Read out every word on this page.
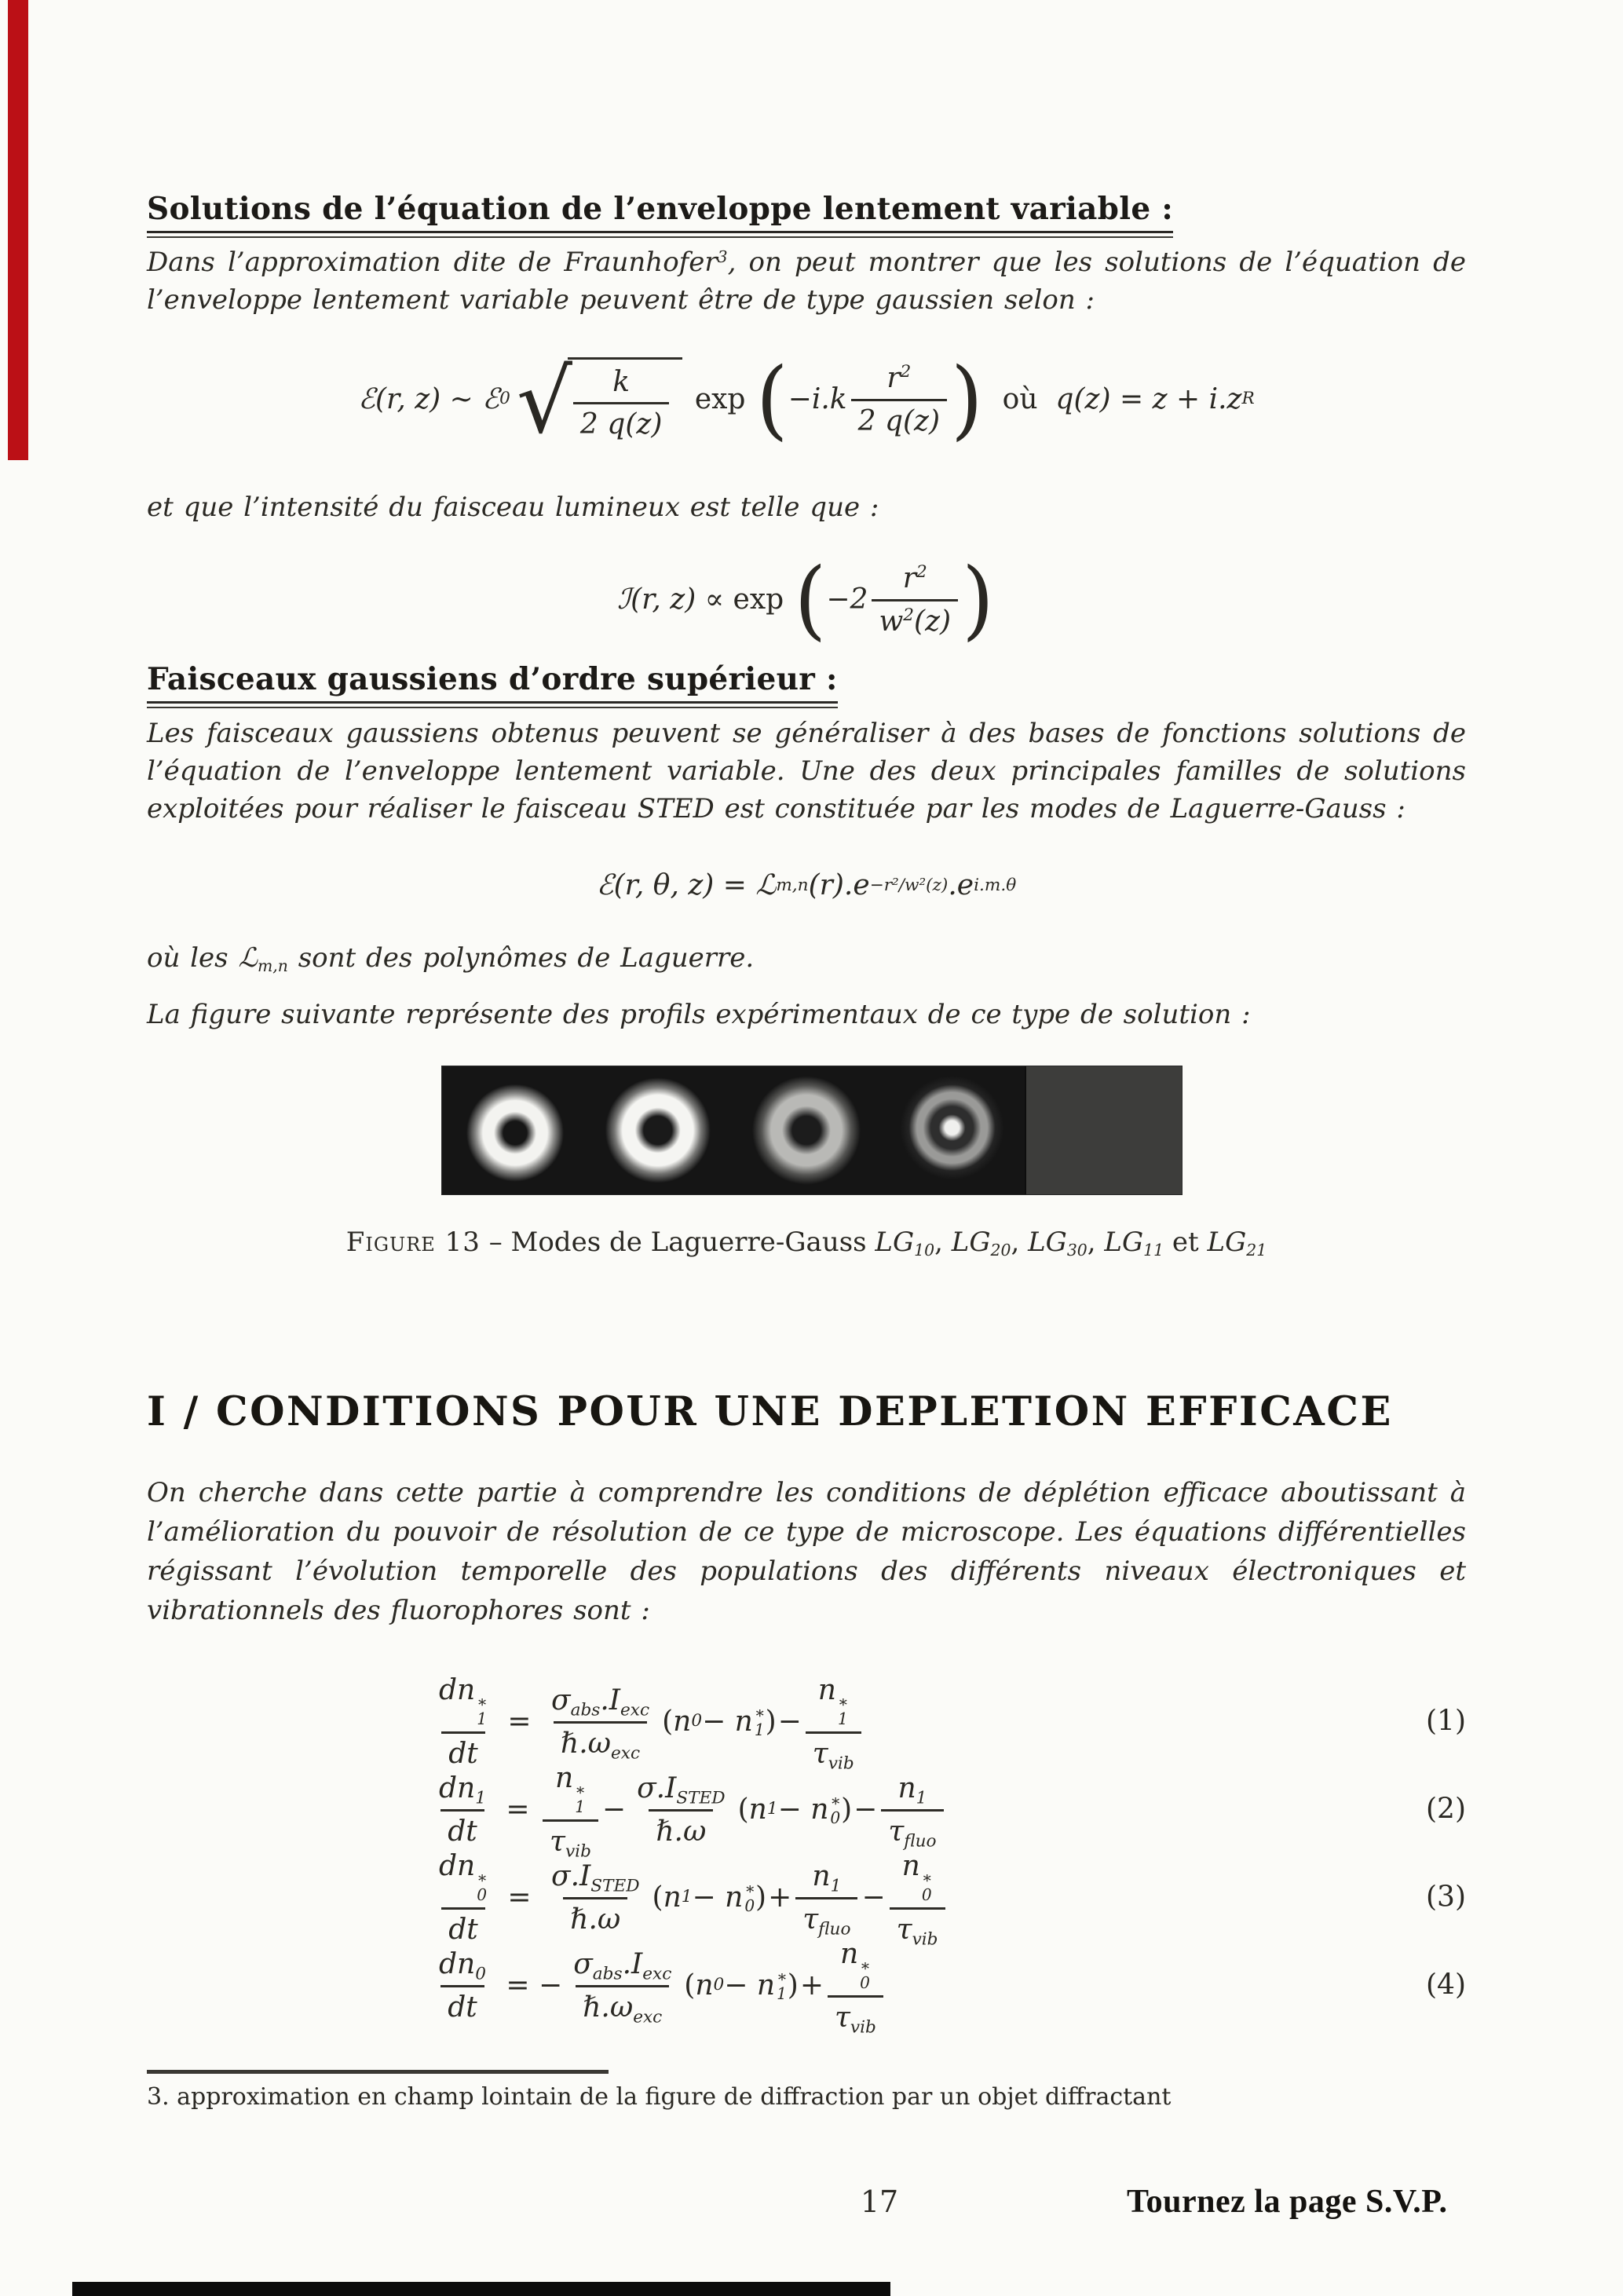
Solutions de l’équation de l’enveloppe lentement variable :
Dans l’approximation dite de Fraunhofer$^3$, on peut montrer que les solutions de l’équation de l’enveloppe lentement variable peuvent être de type gaussien selon :
ℰ(r, z) ∼ ℰ 0 √ $\frac{k}{2 q(z)}$ exp ( −i.k
$r^2$
2 q(z) ) où q(z) = z + i.z R
et que l’intensité du faisceau lumineux est telle que :
ℐ(r, z) ∝ exp ( −2
$r^2$
$w^2(z)$ )
Faisceaux gaussiens d’ordre supérieur :
Les faisceaux gaussiens obtenus peuvent se généraliser à des bases de fonctions solutions de l’équation de l’enveloppe lentement variable. Une des deux principales familles de solutions exploitées pour réaliser le faisceau STED est constituée par les modes de Laguerre-Gauss :
ℰ(r, θ, z) = ℒ m,n (r).e −r²/w²(z) .e i.m.θ
où les ℒ$_{m,n}$ sont des polynômes de Laguerre.
La figure suivante représente des profils expérimentaux de ce type de solution :
Figure 13 – Modes de Laguerre-Gauss $LG_{10}$, $LG_{20}$, $LG_{30}$, $LG_{11}$ et $LG_{21}$
I / CONDITIONS POUR UNE DEPLETION EFFICACE
On cherche dans cette partie à comprendre les conditions de déplétion efficace aboutissant à l’amélioration du pouvoir de résolution de ce type de microscope. Les équations différentielles régissant l’évolution temporelle des populations des différents niveaux électroniques et vibrationnels des fluorophores sont :
dn ∗
1
dt =
$\sigma_{abs}.I_{exc}$
$\hbar.\omega_{exc}$
( n 0 − n ∗
1 ) −
n ∗
1
$\tau_{vib}$
(1)
$\frac{dn_1}{dt}$ =
n ∗
1
$\tau_{vib}$
−
$\sigma.I_{STED}$
ℏ.ω
( n 1 − n ∗
0 ) −
$n_1$
$\tau_{fluo}$
(2)
dn ∗
0
dt =
$\sigma.I_{STED}$
ℏ.ω
( n 1 − n ∗
0 ) +
$n_1$
$\tau_{fluo}$
−
n ∗
0
$\tau_{vib}$
(3)
$\frac{dn_0}{dt}$ = −
$\sigma_{abs}.I_{exc}$
$\hbar.\omega_{exc}$
( n 0 − n ∗
1 ) +
n ∗
0
$\tau_{vib}$
(4)
3. approximation en champ lointain de la figure de diffraction par un objet diffractant
17	Tournez la page S.V.P.
